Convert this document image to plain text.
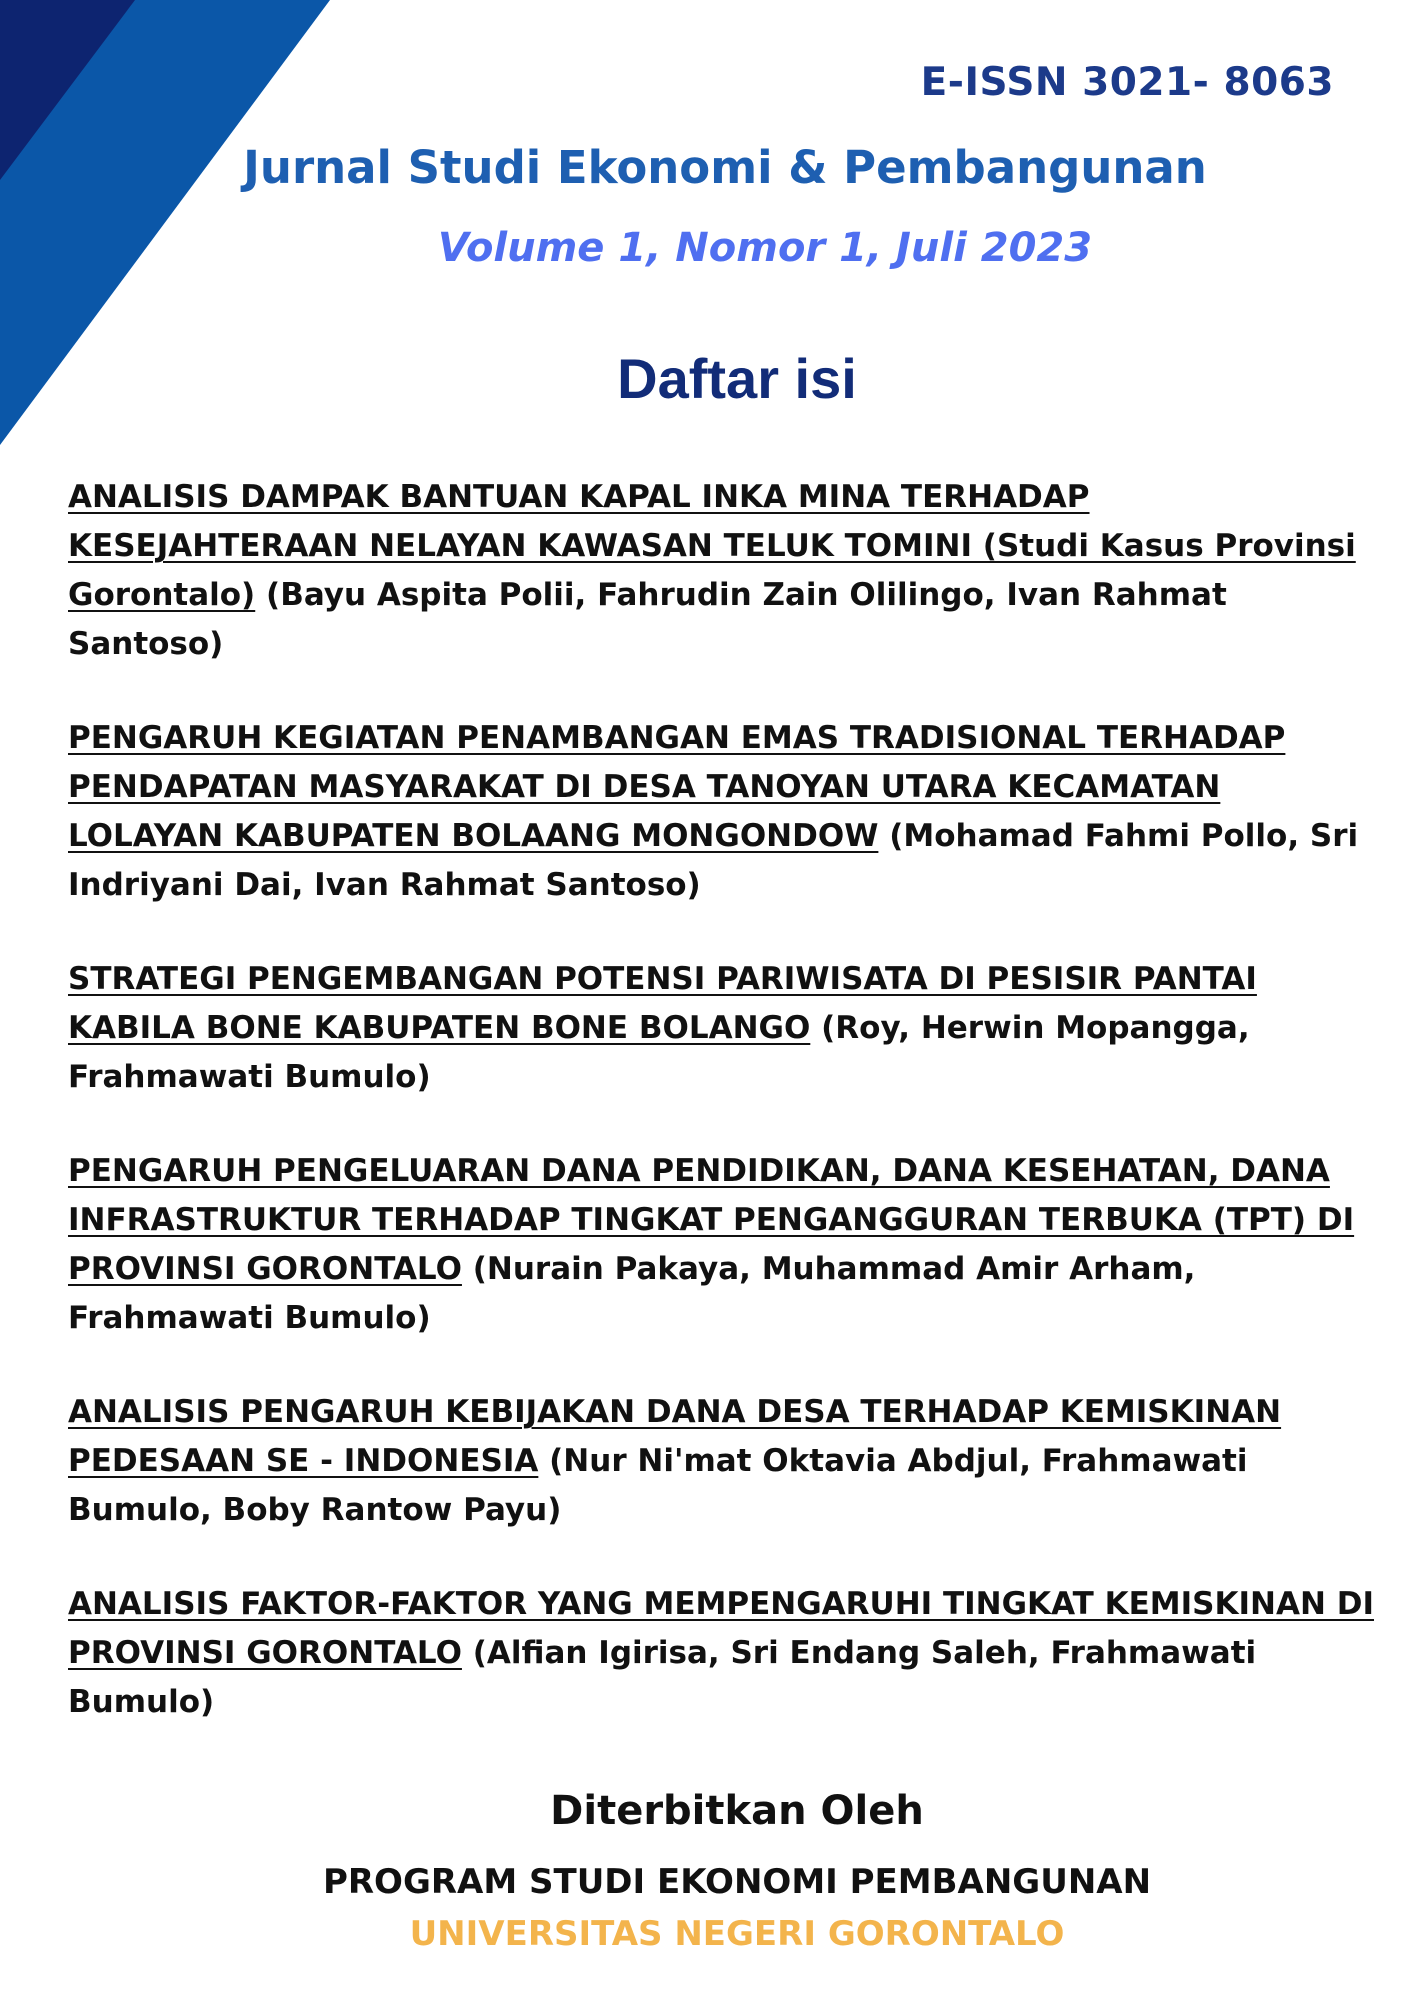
E-ISSN 3021- 8063
Jurnal Studi Ekonomi & Pembangunan
Volume 1, Nomor 1, Juli 2023
Daftar isi
ANALISIS DAMPAK BANTUAN KAPAL INKA MINA TERHADAP KESEJAHTERAAN NELAYAN KAWASAN TELUK TOMINI (Studi Kasus Provinsi Gorontalo) (Bayu Aspita Polii, Fahrudin Zain Olilingo, Ivan Rahmat Santoso)
PENGARUH KEGIATAN PENAMBANGAN EMAS TRADISIONAL TERHADAP PENDAPATAN MASYARAKAT DI DESA TANOYAN UTARA KECAMATAN LOLAYAN KABUPATEN BOLAANG MONGONDOW (Mohamad Fahmi Pollo, Sri Indriyani Dai, Ivan Rahmat Santoso)
STRATEGI PENGEMBANGAN POTENSI PARIWISATA DI PESISIR PANTAI KABILA BONE KABUPATEN BONE BOLANGO (Roy, Herwin Mopangga, Frahmawati Bumulo)
PENGARUH PENGELUARAN DANA PENDIDIKAN, DANA KESEHATAN, DANA INFRASTRUKTUR TERHADAP TINGKAT PENGANGGURAN TERBUKA (TPT) DI PROVINSI GORONTALO (Nurain Pakaya, Muhammad Amir Arham, Frahmawati Bumulo)
ANALISIS PENGARUH KEBIJAKAN DANA DESA TERHADAP KEMISKINAN PEDESAAN SE - INDONESIA (Nur Ni'mat Oktavia Abdjul, Frahmawati Bumulo, Boby Rantow Payu)
ANALISIS FAKTOR-FAKTOR YANG MEMPENGARUHI TINGKAT KEMISKINAN DI PROVINSI GORONTALO (Alfian Igirisa, Sri Endang Saleh, Frahmawati Bumulo)
Diterbitkan Oleh
PROGRAM STUDI EKONOMI PEMBANGUNAN
UNIVERSITAS NEGERI GORONTALO
